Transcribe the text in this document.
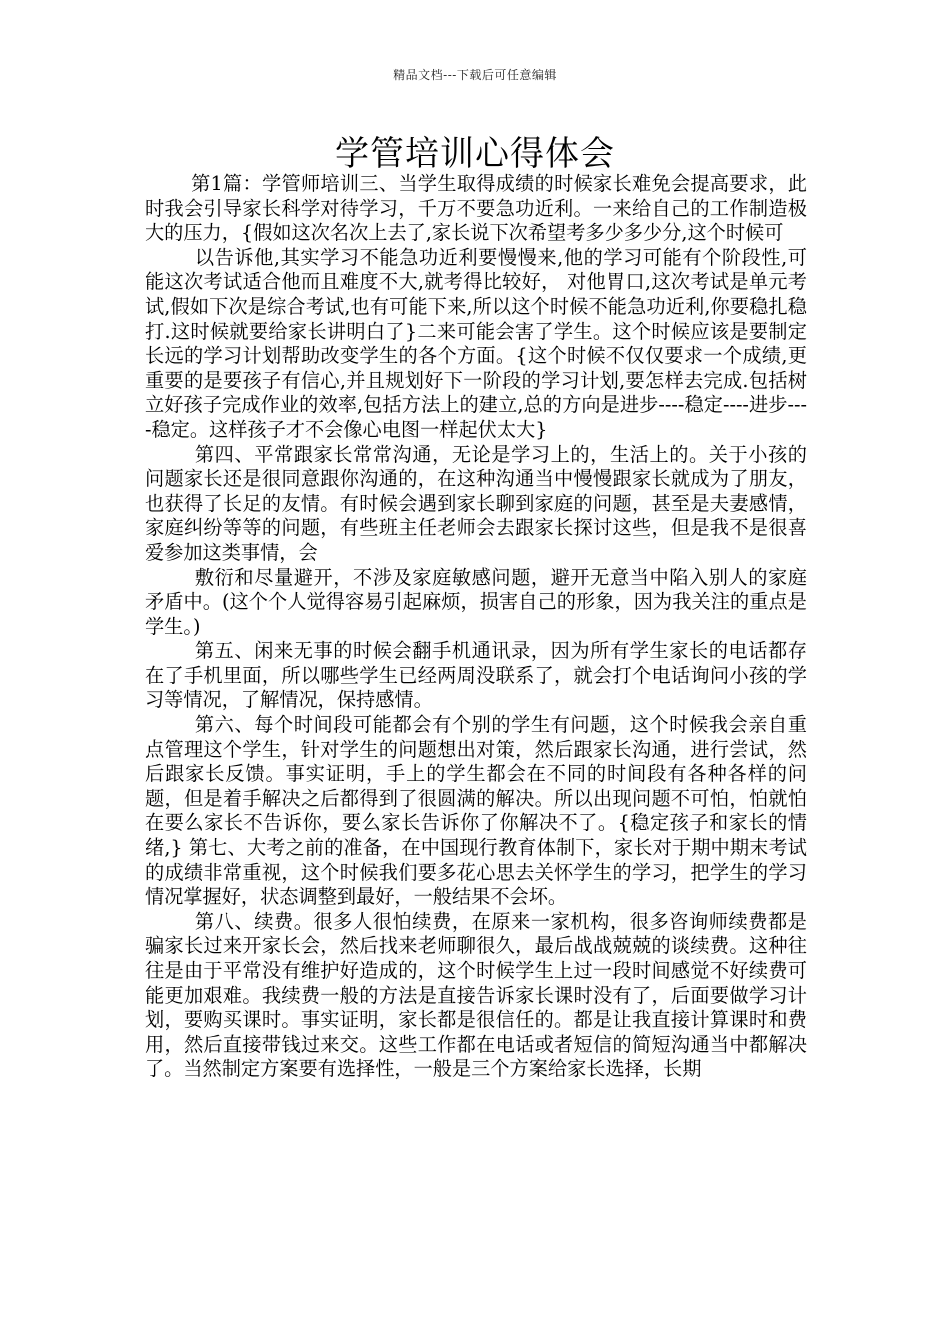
精品文档---下载后可任意编辑
学管培训心得体会

第1篇：学管师培训三、当学生取得成绩的时候家长难免会提高要求，此时我会引导家长科学对待学习，千万不要急功近利。一来给自己的工作制造极大的压力，{假如这次名次上去了,家长说下次希望考多少多少分,这个时候可

以告诉他,其实学习不能急功近利要慢慢来,他的学习可能有个阶段性,可能这次考试适合他而且难度不大,就考得比较好， 对他胃口,这次考试是单元考试,假如下次是综合考试,也有可能下来,所以这个时候不能急功近利,你要稳扎稳打.这时候就要给家长讲明白了}二来可能会害了学生。这个时候应该是要制定长远的学习计划帮助改变学生的各个方面。{这个时候不仅仅要求一个成绩,更重要的是要孩子有信心,并且规划好下一阶段的学习计划,要怎样去完成.包括树立好孩子完成作业的效率,包括方法上的建立,总的方向是进步----稳定----进步----稳定。这样孩子才不会像心电图一样起伏太大}

第四、平常跟家长常常沟通，无论是学习上的，生活上的。关于小孩的问题家长还是很同意跟你沟通的，在这种沟通当中慢慢跟家长就成为了朋友，也获得了长足的友情。有时候会遇到家长聊到家庭的问题，甚至是夫妻感情，家庭纠纷等等的问题，有些班主任老师会去跟家长探讨这些，但是我不是很喜爱参加这类事情，会

敷衍和尽量避开，不涉及家庭敏感问题，避开无意当中陷入别人的家庭矛盾中。(这个个人觉得容易引起麻烦，损害自己的形象，因为我关注的重点是学生。)

第五、闲来无事的时候会翻手机通讯录，因为所有学生家长的电话都存在了手机里面，所以哪些学生已经两周没联系了，就会打个电话询问小孩的学习等情况，了解情况，保持感情。

第六、每个时间段可能都会有个别的学生有问题，这个时候我会亲自重点管理这个学生，针对学生的问题想出对策，然后跟家长沟通，进行尝试，然后跟家长反馈。事实证明，手上的学生都会在不同的时间段有各种各样的问题，但是着手解决之后都得到了很圆满的解决。所以出现问题不可怕，怕就怕在要么家长不告诉你，要么家长告诉你了你解决不了。{稳定孩子和家长的情绪,} 第七、大考之前的准备，在中国现行教育体制下，家长对于期中期末考试的成绩非常重视，这个时候我们要多花心思去关怀学生的学习，把学生的学习情况掌握好，状态调整到最好，一般结果不会坏。

第八、续费。很多人很怕续费，在原来一家机构，很多咨询师续费都是骗家长过来开家长会，然后找来老师聊很久，最后战战兢兢的谈续费。这种往往是由于平常没有维护好造成的，这个时候学生上过一段时间感觉不好续费可能更加艰难。我续费一般的方法是直接告诉家长课时没有了，后面要做学习计划，要购买课时。事实证明，家长都是很信任的。都是让我直接计算课时和费用，然后直接带钱过来交。这些工作都在电话或者短信的简短沟通当中都解决了。当然制定方案要有选择性，一般是三个方案给家长选择，长期
